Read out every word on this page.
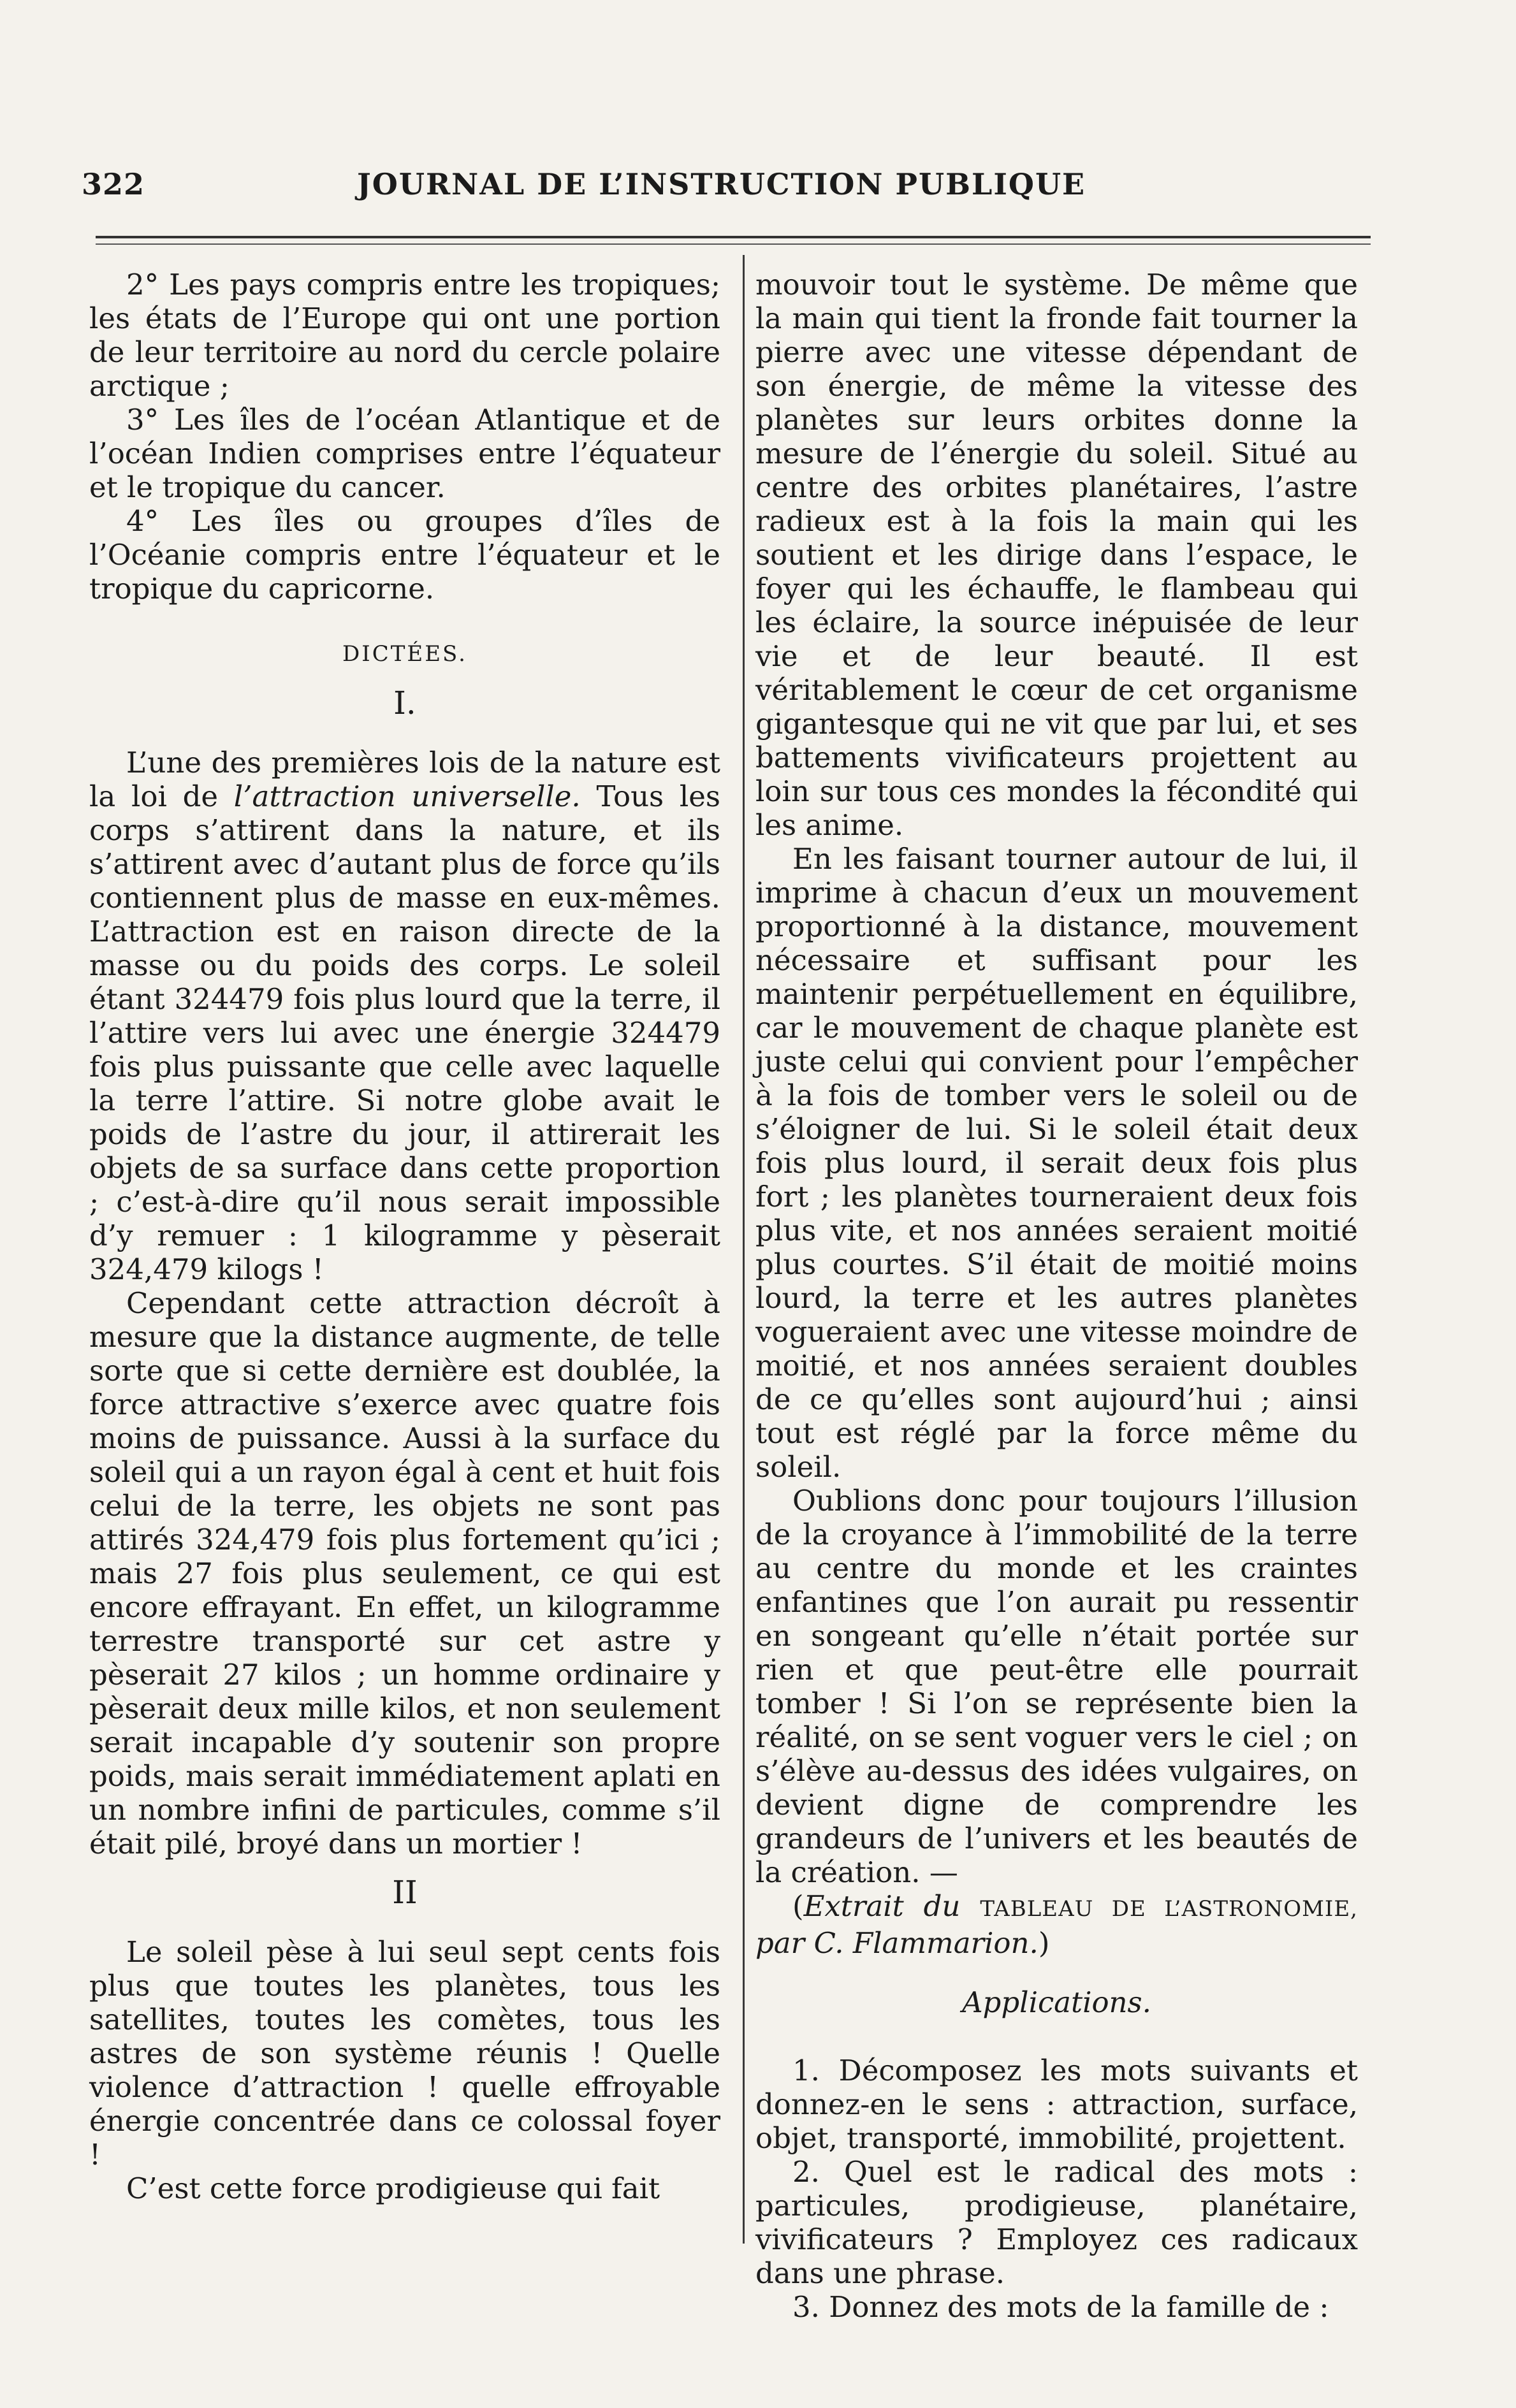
322	JOURNAL DE L’INSTRUCTION PUBLIQUE

2° Les pays compris entre les tropiques; les états de l’Europe qui ont une portion de leur territoire au nord du cercle polaire arctique ;

3° Les îles de l’océan Atlantique et de l’océan Indien comprises entre l’équateur et le tropique du cancer.

4° Les îles ou groupes d’îles de l’Océanie compris entre l’équateur et le tropique du capricorne.

DICTÉES.

I.

L’une des premières lois de la nature est la loi de l’attraction universelle. Tous les corps s’attirent dans la nature, et ils s’attirent avec d’autant plus de force qu’ils contiennent plus de masse en eux-mêmes. L’attraction est en raison directe de la masse ou du poids des corps. Le soleil étant 324479 fois plus lourd que la terre, il l’attire vers lui avec une énergie 324479 fois plus puissante que celle avec laquelle la terre l’attire. Si notre globe avait le poids de l’astre du jour, il attirerait les objets de sa surface dans cette proportion ; c’est-à-dire qu’il nous serait impossible d’y remuer : 1 kilogramme y pèserait 324,479 kilogs !

Cependant cette attraction décroît à mesure que la distance augmente, de telle sorte que si cette dernière est doublée, la force attractive s’exerce avec quatre fois moins de puissance. Aussi à la surface du soleil qui a un rayon égal à cent et huit fois celui de la terre, les objets ne sont pas attirés 324,479 fois plus fortement qu’ici ; mais 27 fois plus seulement, ce qui est encore effrayant. En effet, un kilogramme terrestre transporté sur cet astre y pèserait 27 kilos ; un homme ordinaire y pèserait deux mille kilos, et non seulement serait incapable d’y soutenir son propre poids, mais serait immédiatement aplati en un nombre infini de particules, comme s’il était pilé, broyé dans un mortier !

II

Le soleil pèse à lui seul sept cents fois plus que toutes les planètes, tous les satellites, toutes les comètes, tous les astres de son système réunis ! Quelle violence d’attraction ! quelle effroyable énergie concentrée dans ce colossal foyer !

C’est cette force prodigieuse qui fait

mouvoir tout le système. De même que la main qui tient la fronde fait tourner la pierre avec une vitesse dépendant de son énergie, de même la vitesse des planètes sur leurs orbites donne la mesure de l’énergie du soleil. Situé au centre des orbites planétaires, l’astre radieux est à la fois la main qui les soutient et les dirige dans l’espace, le foyer qui les échauffe, le flambeau qui les éclaire, la source inépuisée de leur vie et de leur beauté. Il est véritablement le cœur de cet organisme gigantesque qui ne vit que par lui, et ses battements vivificateurs projettent au loin sur tous ces mondes la fécondité qui les anime.

En les faisant tourner autour de lui, il imprime à chacun d’eux un mouvement proportionné à la distance, mouvement nécessaire et suffisant pour les maintenir perpétuellement en équilibre, car le mouvement de chaque planète est juste celui qui convient pour l’empêcher à la fois de tomber vers le soleil ou de s’éloigner de lui. Si le soleil était deux fois plus lourd, il serait deux fois plus fort ; les planètes tourneraient deux fois plus vite, et nos années seraient moitié plus courtes. S’il était de moitié moins lourd, la terre et les autres planètes vogueraient avec une vitesse moindre de moitié, et nos années seraient doubles de ce qu’elles sont aujourd’hui ; ainsi tout est réglé par la force même du soleil.

Oublions donc pour toujours l’illusion de la croyance à l’immobilité de la terre au centre du monde et les craintes enfantines que l’on aurait pu ressentir en songeant qu’elle n’était portée sur rien et que peut-être elle pourrait tomber ! Si l’on se représente bien la réalité, on se sent voguer vers le ciel ; on s’élève au-dessus des idées vulgaires, on devient digne de comprendre les grandeurs de l’univers et les beautés de la création. —

(Extrait du TABLEAU DE L’ASTRONOMIE, par C. Flammarion.)

Applications.

1. Décomposez les mots suivants et donnez-en le sens : attraction, surface, objet, transporté, immobilité, projettent.

2. Quel est le radical des mots : particules, prodigieuse, planétaire, vivificateurs ? Employez ces radicaux dans une phrase.

3. Donnez des mots de la famille de :
